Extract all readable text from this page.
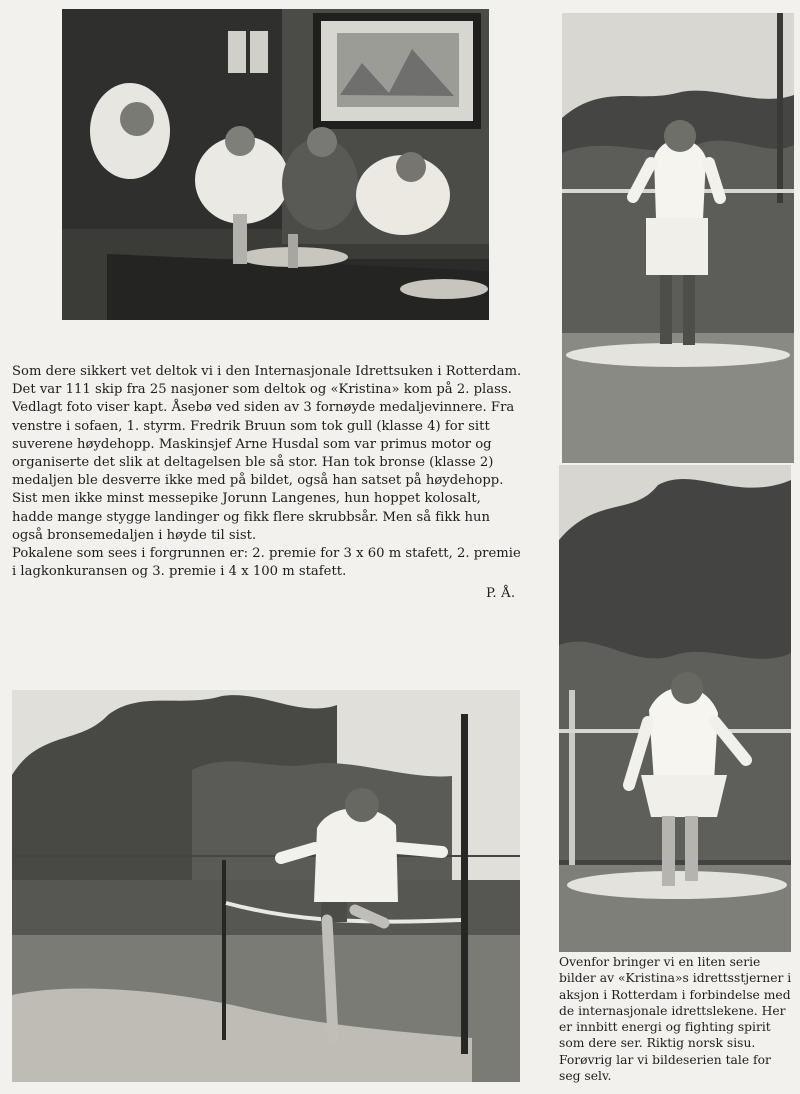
Som dere sikkert vet deltok vi i den Internasjonale Idrettsuken i Rotterdam. Det var 111 skip fra 25 nasjoner som deltok og «Kristina» kom på 2. plass. Vedlagt foto viser kapt. Åsebø ved siden av 3 fornøyde medaljevinnere. Fra venstre i sofaen, 1. styrm. Fredrik Bruun som tok gull (klasse 4) for sitt suverene høydehopp. Maskinsjef Arne Husdal som var primus motor og organiserte det slik at deltagelsen ble så stor. Han tok bronse (klasse 2) medaljen ble desverre ikke med på bildet, også han satset på høydehopp.

Sist men ikke minst messepike Jorunn Langenes, hun hoppet kolosalt, hadde mange stygge landinger og fikk flere skrubbsår. Men så fikk hun også bronsemedaljen i høyde til sist.

Pokalene som sees i forgrunnen er: 2. premie for 3 x 60 m stafett, 2. premie i lagkonkuransen og 3. premie i 4 x 100 m stafett.

P. Å.

Ovenfor bringer vi en liten serie bilder av «Kristina»s idrettsstjerner i aksjon i Rotterdam i forbindelse med de internasjonale idrettslekene. Her er innbitt energi og fighting spirit som dere ser. Riktig norsk sisu. Forøvrig lar vi bildeserien tale for seg selv.
